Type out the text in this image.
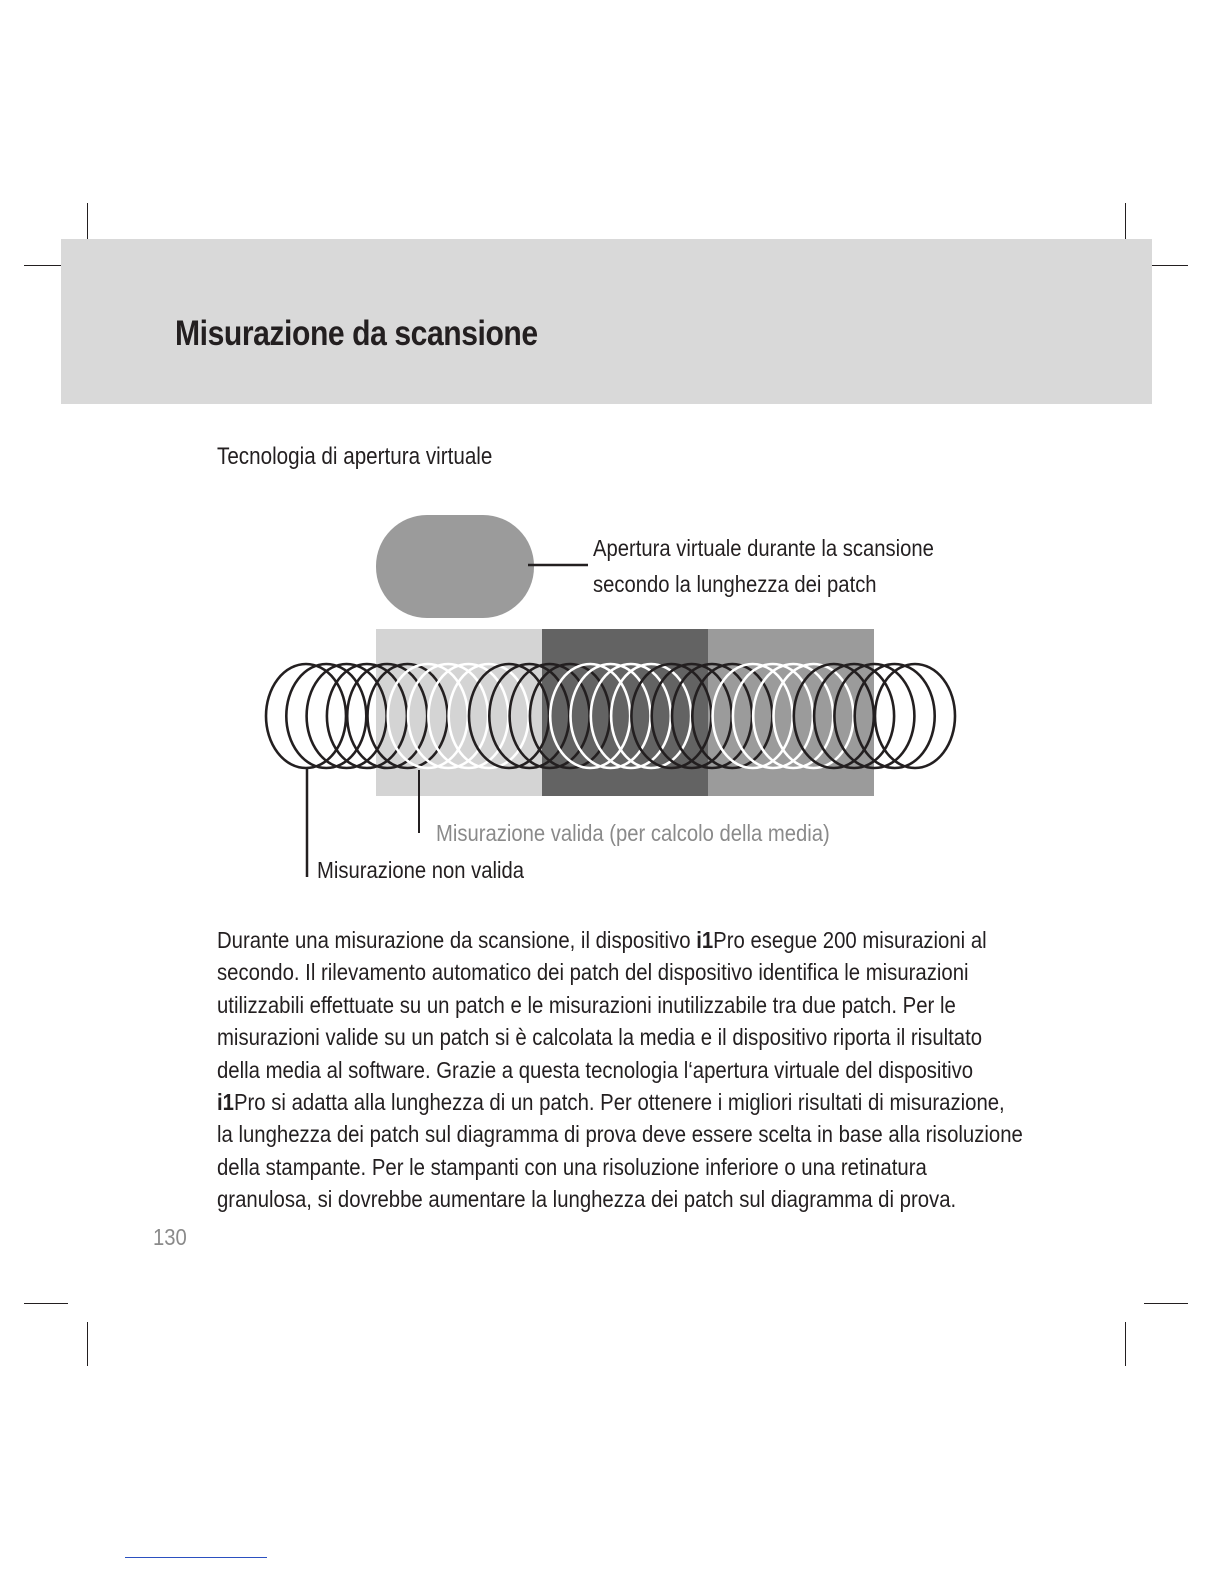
Misurazione da scansione
Tecnologia di apertura virtuale
Apertura virtuale durante la scansione
secondo la lunghezza dei patch
Misurazione valida (per calcolo della media)
Misurazione non valida
Durante una misurazione da scansione, il dispositivo i1Pro esegue 200 misurazioni al
secondo. Il rilevamento automatico dei patch del dispositivo identifica le misurazioni
utilizzabili effettuate su un patch e le misurazioni inutilizzabile tra due patch. Per le
misurazioni valide su un patch si è calcolata la media e il dispositivo riporta il risultato
della media al software. Grazie a questa tecnologia l‘apertura virtuale del dispositivo
i1Pro si adatta alla lunghezza di un patch. Per ottenere i migliori risultati di misurazione,
la lunghezza dei patch sul diagramma di prova deve essere scelta in base alla risoluzione
della stampante. Per le stampanti con una risoluzione inferiore o una retinatura
granulosa, si dovrebbe aumentare la lunghezza dei patch sul diagramma di prova.
130
